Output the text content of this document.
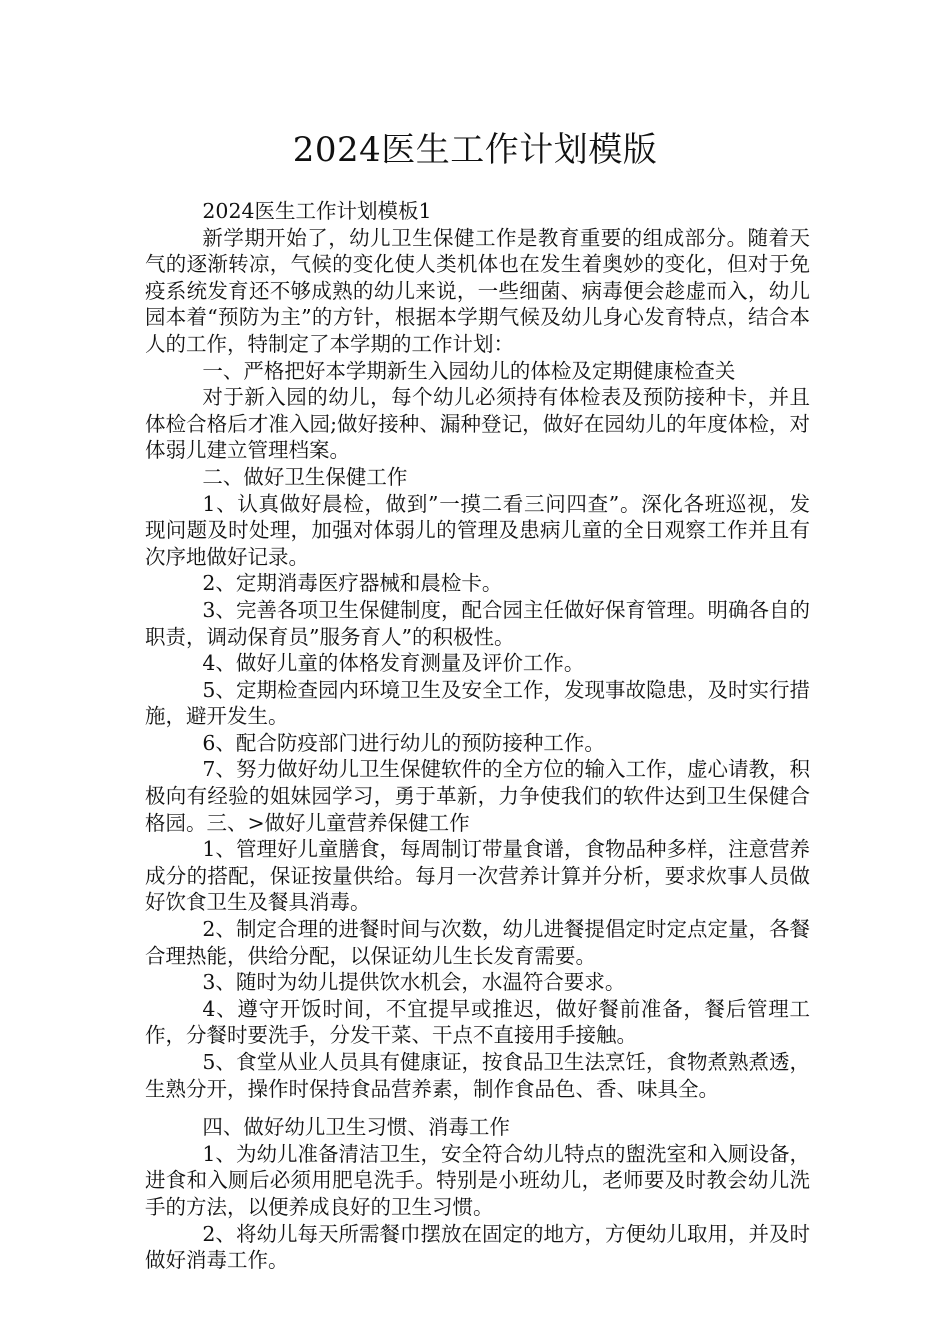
2024医生工作计划模版

2024医生工作计划模板1

新学期开始了，幼儿卫生保健工作是教育重要的组成部分。随着天气的逐渐转凉，气候的变化使人类机体也在发生着奥妙的变化，但对于免疫系统发育还不够成熟的幼儿来说，一些细菌、病毒便会趁虚而入，幼儿园本着“预防为主”的方针，根据本学期气候及幼儿身心发育特点，结合本人的工作，特制定了本学期的工作计划：

一、严格把好本学期新生入园幼儿的体检及定期健康检查关

对于新入园的幼儿，每个幼儿必须持有体检表及预防接种卡，并且体检合格后才准入园;做好接种、漏种登记，做好在园幼儿的年度体检，对体弱儿建立管理档案。

二、做好卫生保健工作

1、认真做好晨检，做到”一摸二看三问四查”。深化各班巡视，发现问题及时处理，加强对体弱儿的管理及患病儿童的全日观察工作并且有次序地做好记录。

2、定期消毒医疗器械和晨检卡。

3、完善各项卫生保健制度，配合园主任做好保育管理。明确各自的职责，调动保育员”服务育人”的积极性。

4、做好儿童的体格发育测量及评价工作。

5、定期检查园内环境卫生及安全工作，发现事故隐患，及时实行措施，避开发生。

6、配合防疫部门进行幼儿的预防接种工作。

7、努力做好幼儿卫生保健软件的全方位的输入工作，虚心请教，积极向有经验的姐妹园学习，勇于革新，力争使我们的软件达到卫生保健合格园。三、>做好儿童营养保健工作

1、管理好儿童膳食，每周制订带量食谱，食物品种多样，注意营养成分的搭配，保证按量供给。每月一次营养计算并分析，要求炊事人员做好饮食卫生及餐具消毒。

2、制定合理的进餐时间与次数，幼儿进餐提倡定时定点定量，各餐合理热能，供给分配，以保证幼儿生长发育需要。

3、随时为幼儿提供饮水机会，水温符合要求。

4、遵守开饭时间，不宜提早或推迟，做好餐前准备，餐后管理工作，分餐时要洗手，分发干菜、干点不直接用手接触。

5、食堂从业人员具有健康证，按食品卫生法烹饪，食物煮熟煮透，生熟分开，操作时保持食品营养素，制作食品色、香、味具全。

四、做好幼儿卫生习惯、消毒工作

1、为幼儿准备清洁卫生，安全符合幼儿特点的盥洗室和入厕设备，进食和入厕后必须用肥皂洗手。特别是小班幼儿，老师要及时教会幼儿洗手的方法，以便养成良好的卫生习惯。

2、将幼儿每天所需餐巾摆放在固定的地方，方便幼儿取用，并及时做好消毒工作。
